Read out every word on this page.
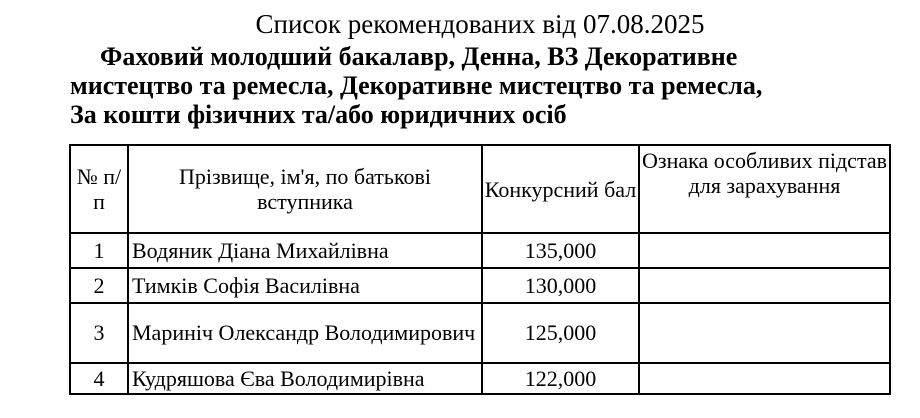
Список рекомендованих від 07.08.2025
Фаховий молодший бакалавр, Денна, ВЗ Декоративне
мистецтво та ремесла, Декоративне мистецтво та ремесла,
За кошти фізичних та/або юридичних осіб
№ п/п	Прізвище, ім'я, по батькові вступника	Конкурсний бал	Ознака особливих підстав для зарахування
1	Водяник Діана Михайлівна	135,000	
2	Тимків Софія Василівна	130,000	
3	Мариніч Олександр Володимирович	125,000	
4	Кудряшова Єва Володимирівна	122,000	
